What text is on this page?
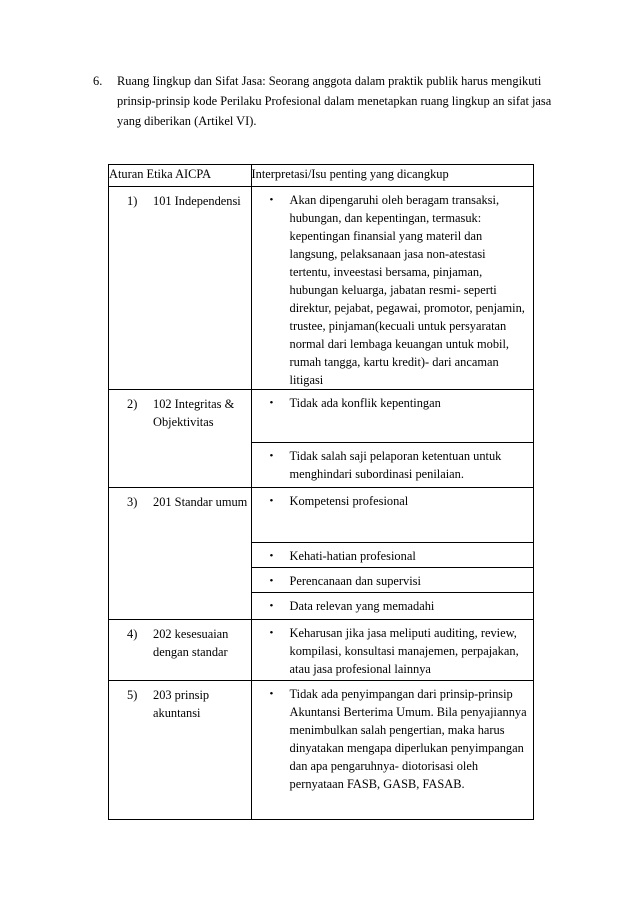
6. Ruang Iingkup dan Sifat Jasa: Seorang anggota dalam praktik publik harus mengikuti prinsip-prinsip kode Perilaku Profesional dalam menetapkan ruang lingkup an sifat jasa yang diberikan (Artikel VI).
Aturan Etika AICPA	Interpretasi/Isu penting yang dicangkup

1) 101 Independensi	• Akan dipengaruhi oleh beragam transaksi, hubungan, dan kepentingan, termasuk: kepentingan finansial yang materil dan langsung, pelaksanaan jasa non-atestasi tertentu, inveestasi bersama, pinjaman, hubungan keluarga, jabatan resmi- seperti direktur, pejabat, pegawai, promotor, penjamin, trustee, pinjaman(kecuali untuk persyaratan normal dari lembaga keuangan untuk mobil, rumah tangga, kartu kredit)- dari ancaman litigasi

2) 102 Integritas & Objektivitas	• Tidak ada konflik kepentingan

	• Tidak salah saji pelaporan ketentuan untuk menghindari subordinasi penilaian.

3) 201 Standar umum	• Kompetensi profesional

	• Kehati-hatian profesional

	• Perencanaan dan supervisi

	• Data relevan yang memadahi

4) 202 kesesuaian dengan standar	• Keharusan jika jasa meliputi auditing, review, kompilasi, konsultasi manajemen, perpajakan, atau jasa profesional lainnya

5) 203 prinsip akuntansi	• Tidak ada penyimpangan dari prinsip-prinsip Akuntansi Berterima Umum. Bila penyajiannya menimbulkan salah pengertian, maka harus dinyatakan mengapa diperlukan penyimpangan dan apa pengaruhnya- diotorisasi oleh pernyataan FASB, GASB, FASAB.
